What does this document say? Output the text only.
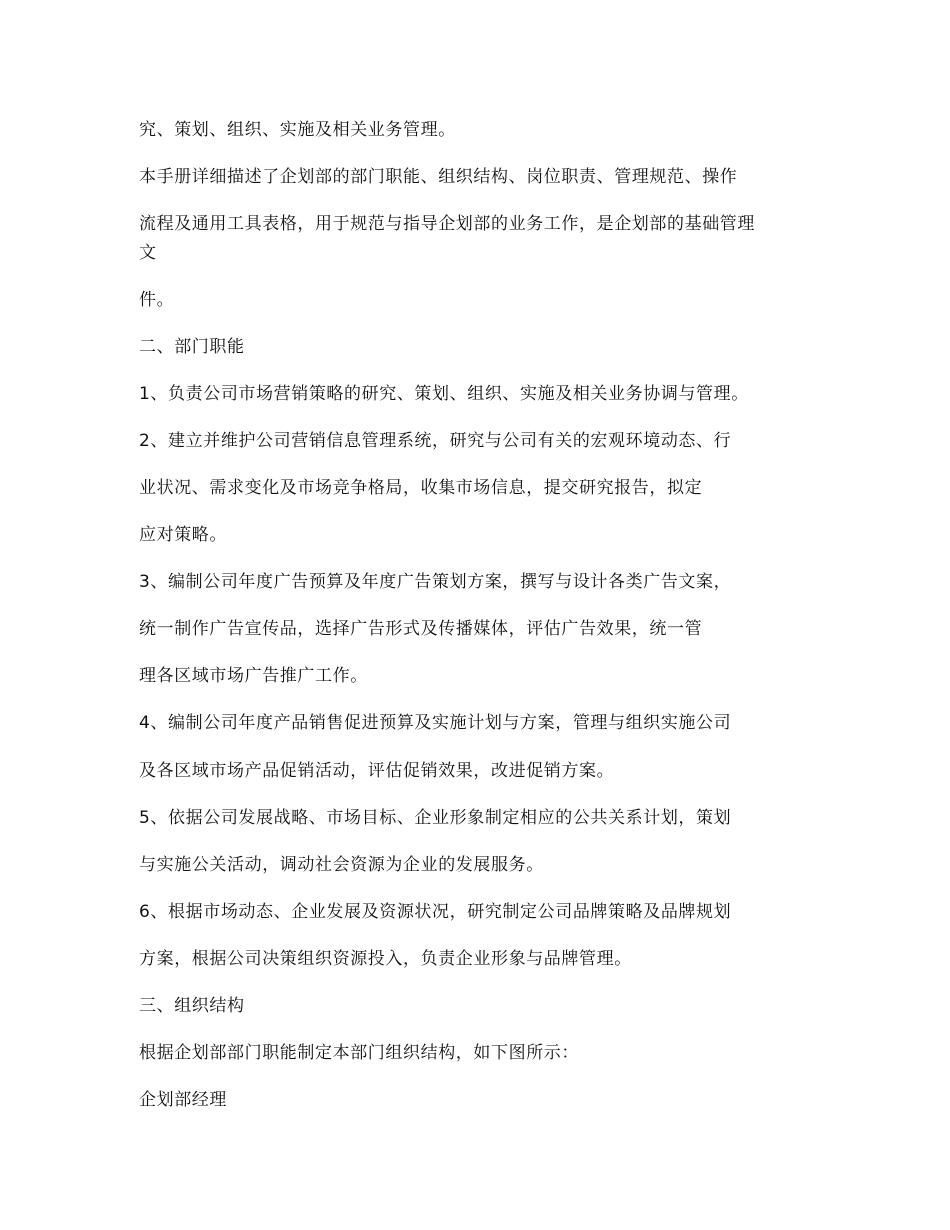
究、策划、组织、实施及相关业务管理。
本手册详细描述了企划部的部门职能、组织结构、岗位职责、管理规范、操作
流程及通用工具表格，用于规范与指导企划部的业务工作，是企划部的基础管理
文
件。
二、部门职能
1、负责公司市场营销策略的研究、策划、组织、实施及相关业务协调与管理。
2、建立并维护公司营销信息管理系统，研究与公司有关的宏观环境动态、行
业状况、需求变化及市场竞争格局，收集市场信息，提交研究报告，拟定
应对策略。
3、编制公司年度广告预算及年度广告策划方案，撰写与设计各类广告文案，
统一制作广告宣传品，选择广告形式及传播媒体，评估广告效果，统一管
理各区域市场广告推广工作。
4、编制公司年度产品销售促进预算及实施计划与方案，管理与组织实施公司
及各区域市场产品促销活动，评估促销效果，改进促销方案。
5、依据公司发展战略、市场目标、企业形象制定相应的公共关系计划，策划
与实施公关活动，调动社会资源为企业的发展服务。
6、根据市场动态、企业发展及资源状况，研究制定公司品牌策略及品牌规划
方案，根据公司决策组织资源投入，负责企业形象与品牌管理。
三、组织结构
根据企划部部门职能制定本部门组织结构，如下图所示：
企划部经理
